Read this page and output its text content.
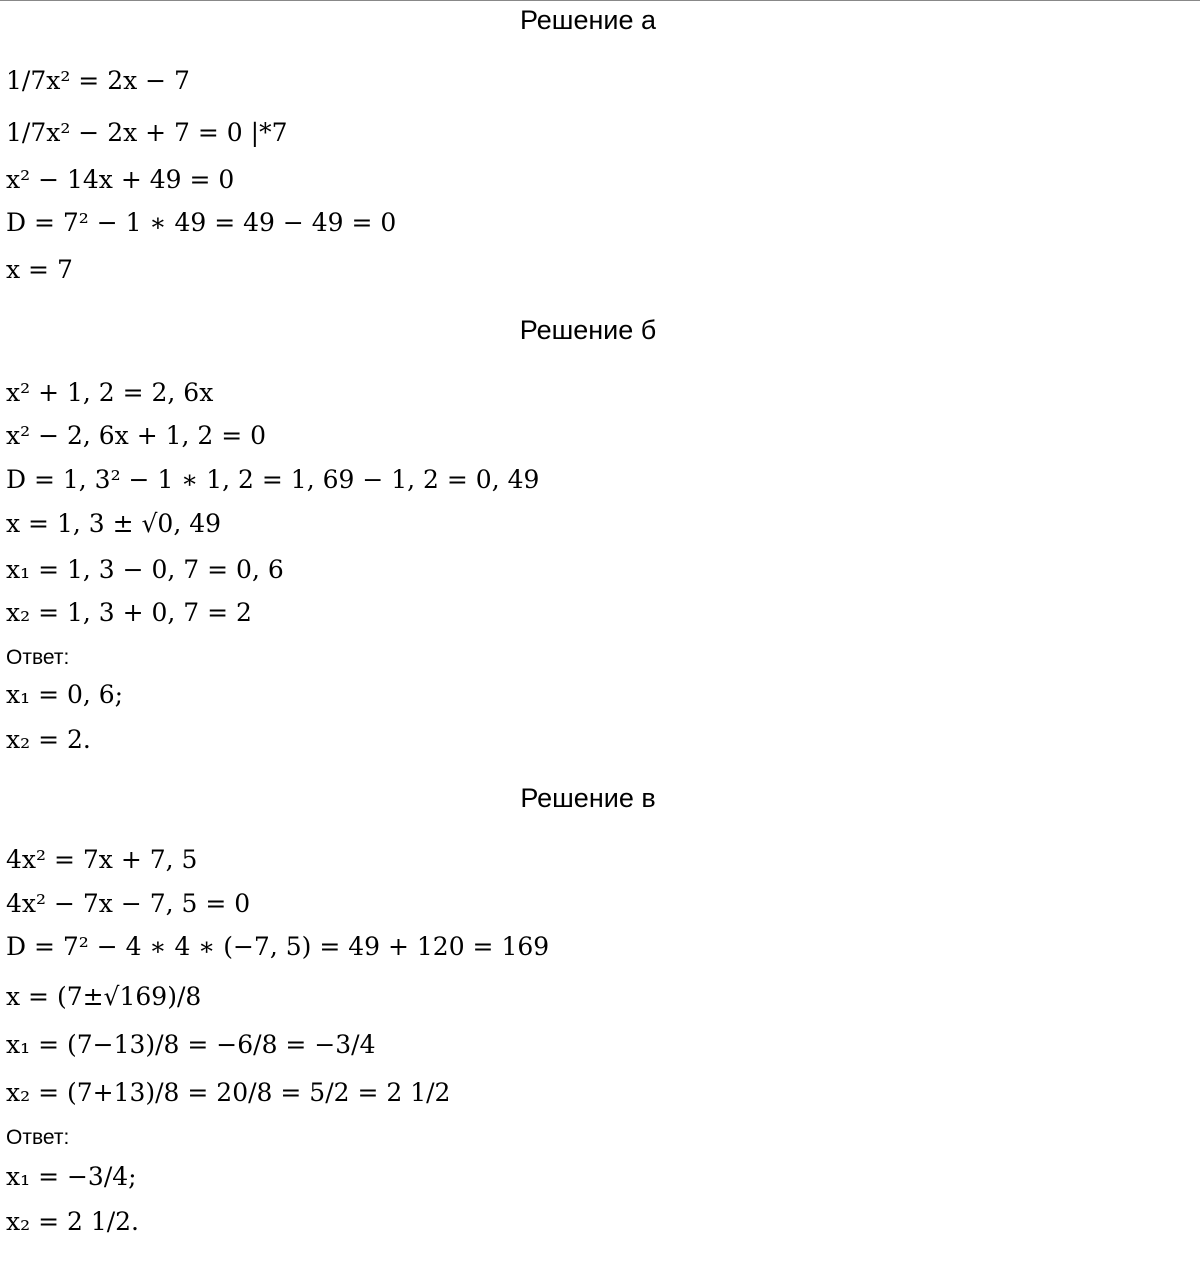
Решение а
1/7x² = 2x − 7
1/7x² − 2x + 7 = 0 |*7
x² − 14x + 49 = 0
D = 7² − 1 ∗ 49 = 49 − 49 = 0
x = 7
Решение б
x² + 1, 2 = 2, 6x
x² − 2, 6x + 1, 2 = 0
D = 1, 3² − 1 ∗ 1, 2 = 1, 69 − 1, 2 = 0, 49
x = 1, 3 ± √0, 49
x₁ = 1, 3 − 0, 7 = 0, 6
x₂ = 1, 3 + 0, 7 = 2
Ответ:
x₁ = 0, 6;
x₂ = 2.
Решение в
4x² = 7x + 7, 5
4x² − 7x − 7, 5 = 0
D = 7² − 4 ∗ 4 ∗ (−7, 5) = 49 + 120 = 169
x = (7±√169)/8
x₁ = (7−13)/8 = −6/8 = −3/4
x₂ = (7+13)/8 = 20/8 = 5/2 = 2 1/2
Ответ:
x₁ = −3/4;
x₂ = 2 1/2.
